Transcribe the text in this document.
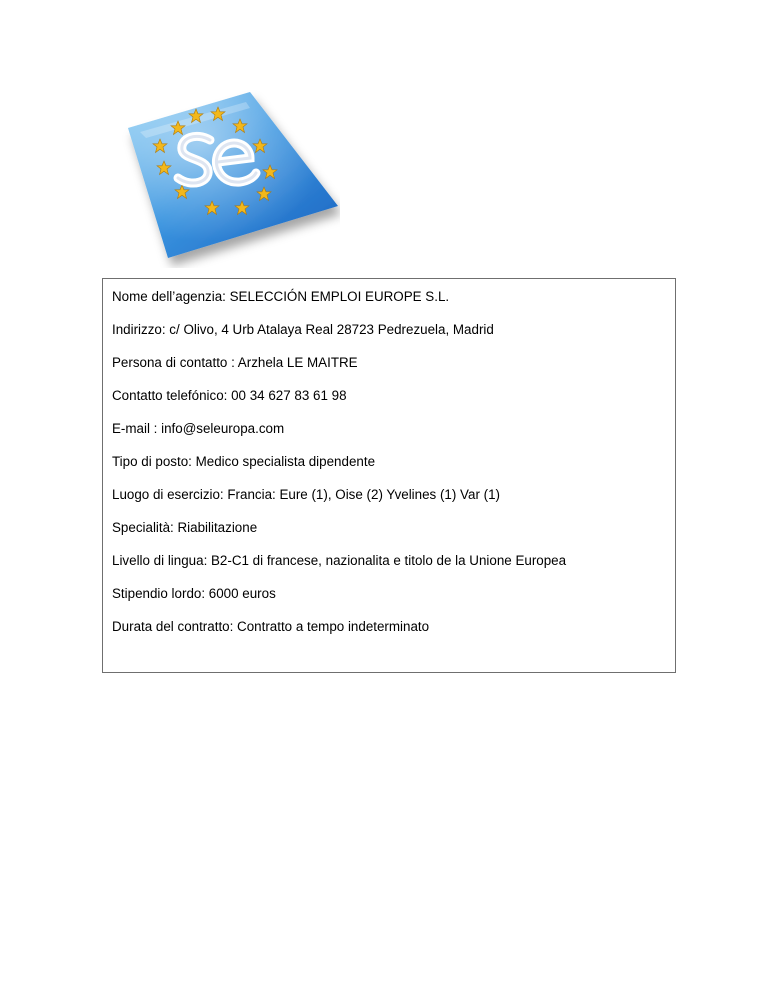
Nome dell’agenzia: SELECCIÓN EMPLOI EUROPE S.L.
Indirizzo: c/ Olivo, 4 Urb Atalaya Real 28723 Pedrezuela, Madrid
Persona di contatto : Arzhela LE MAITRE
Contatto telefónico: 00 34 627 83 61 98
E-mail : info@seleuropa.com
Tipo di posto: Medico specialista dipendente
Luogo di esercizio: Francia: Eure (1), Oise (2) Yvelines (1) Var (1)
Specialità: Riabilitazione
Livello di lingua: B2-C1 di francese, nazionalita e titolo de la Unione Europea
Stipendio lordo: 6000 euros
Durata del contratto: Contratto a tempo indeterminato
